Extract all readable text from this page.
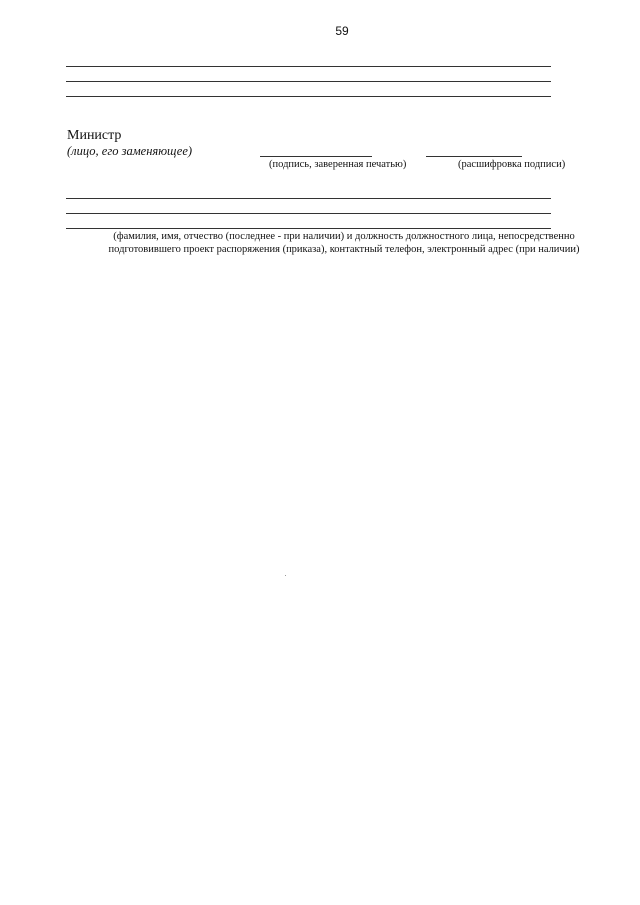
59
Министр
(лицо, его заменяющее)
(подпись, заверенная печатью)	(расшифровка подписи)
(фамилия, имя, отчество (последнее - при наличии) и должность должностного лица, непосредственно
подготовившего проект распоряжения (приказа), контактный телефон, электронный адрес (при наличии)
